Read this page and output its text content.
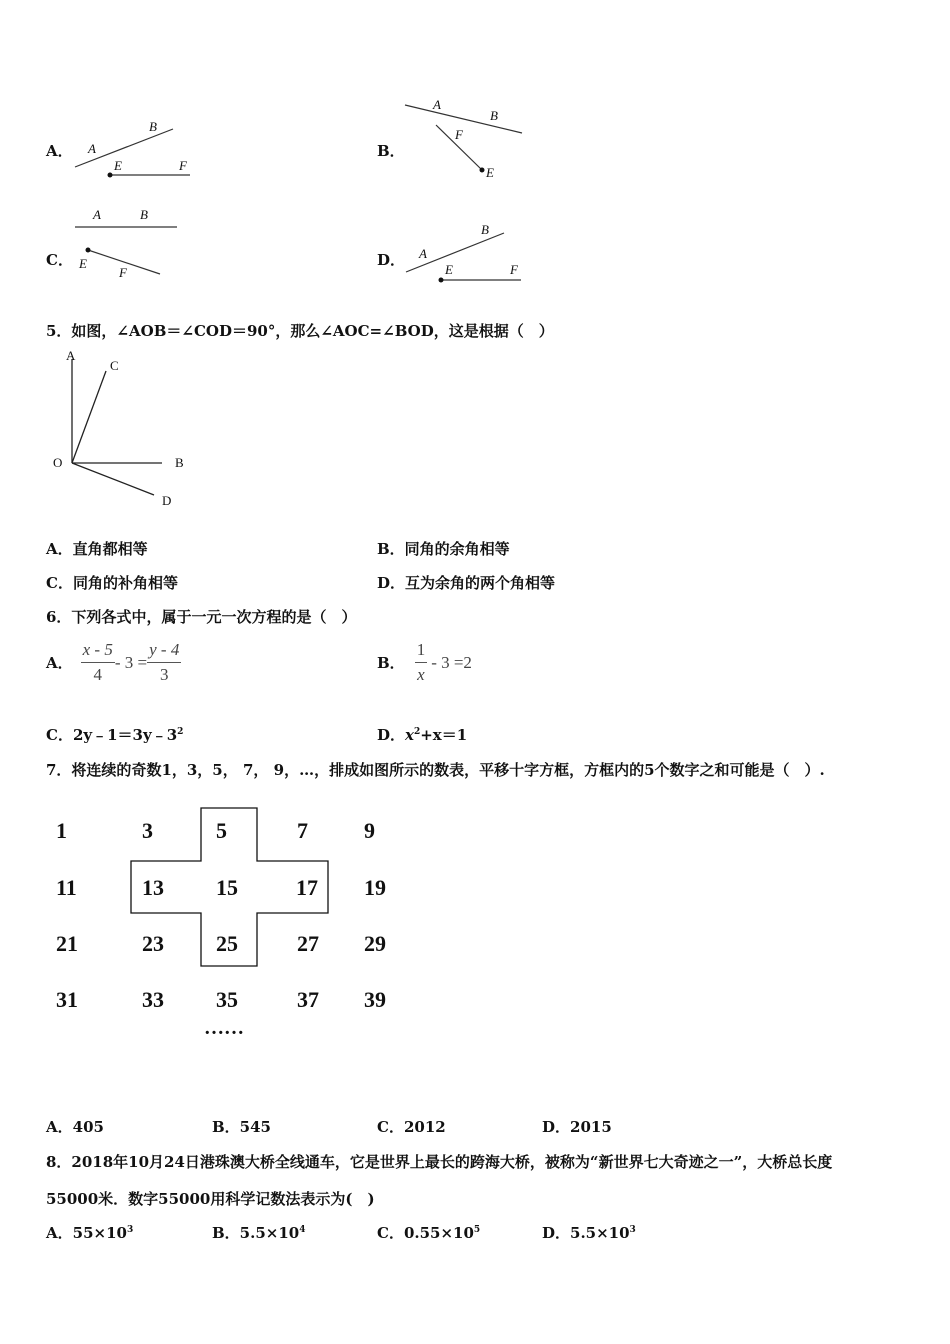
A． A
B
E	F
B．
A
B
F
E
C．
A	B
E
F
D． A
B
E	F
5．如图，∠AOB＝∠COD＝90°，那么∠AOC=∠BOD，这是根据（　）
A
C
O	B
D
A．直角都相等	B．同角的余角相等
C．同角的补角相等	D．互为余角的两个角相等
6．下列各式中，属于一元一次方程的是（　）
A． $\frac{x - 5}{4} - 3 = \frac{y - 4}{3}$	B． $\frac{1}{x} - 3 =2$
C．$2y﹣1=3y﹣3^2$	D．$x^2+x=1$
7．将连续的奇数1，3，5， 7， 9，…，排成如图所示的数表，平移十字方框，方框内的5个数字之和可能是（　）.
1	3	5	7	9
11	13 15	17 19
21	23 25	27 29
31	33 35	37 39
……
A．405	B．545	C．2012	D．2015
8．2018年10月24日港珠澳大桥全线通车，它是世界上最长的跨海大桥，被称为“新世界七大奇迹之一”，大桥总长度
55000米．数字55000用科学记数法表示为(　)
A．$55\times 10^3$	B．$5.5\times 10^4$	C．$0.55\times 10^5$	D．$5.5\times 10^3$
